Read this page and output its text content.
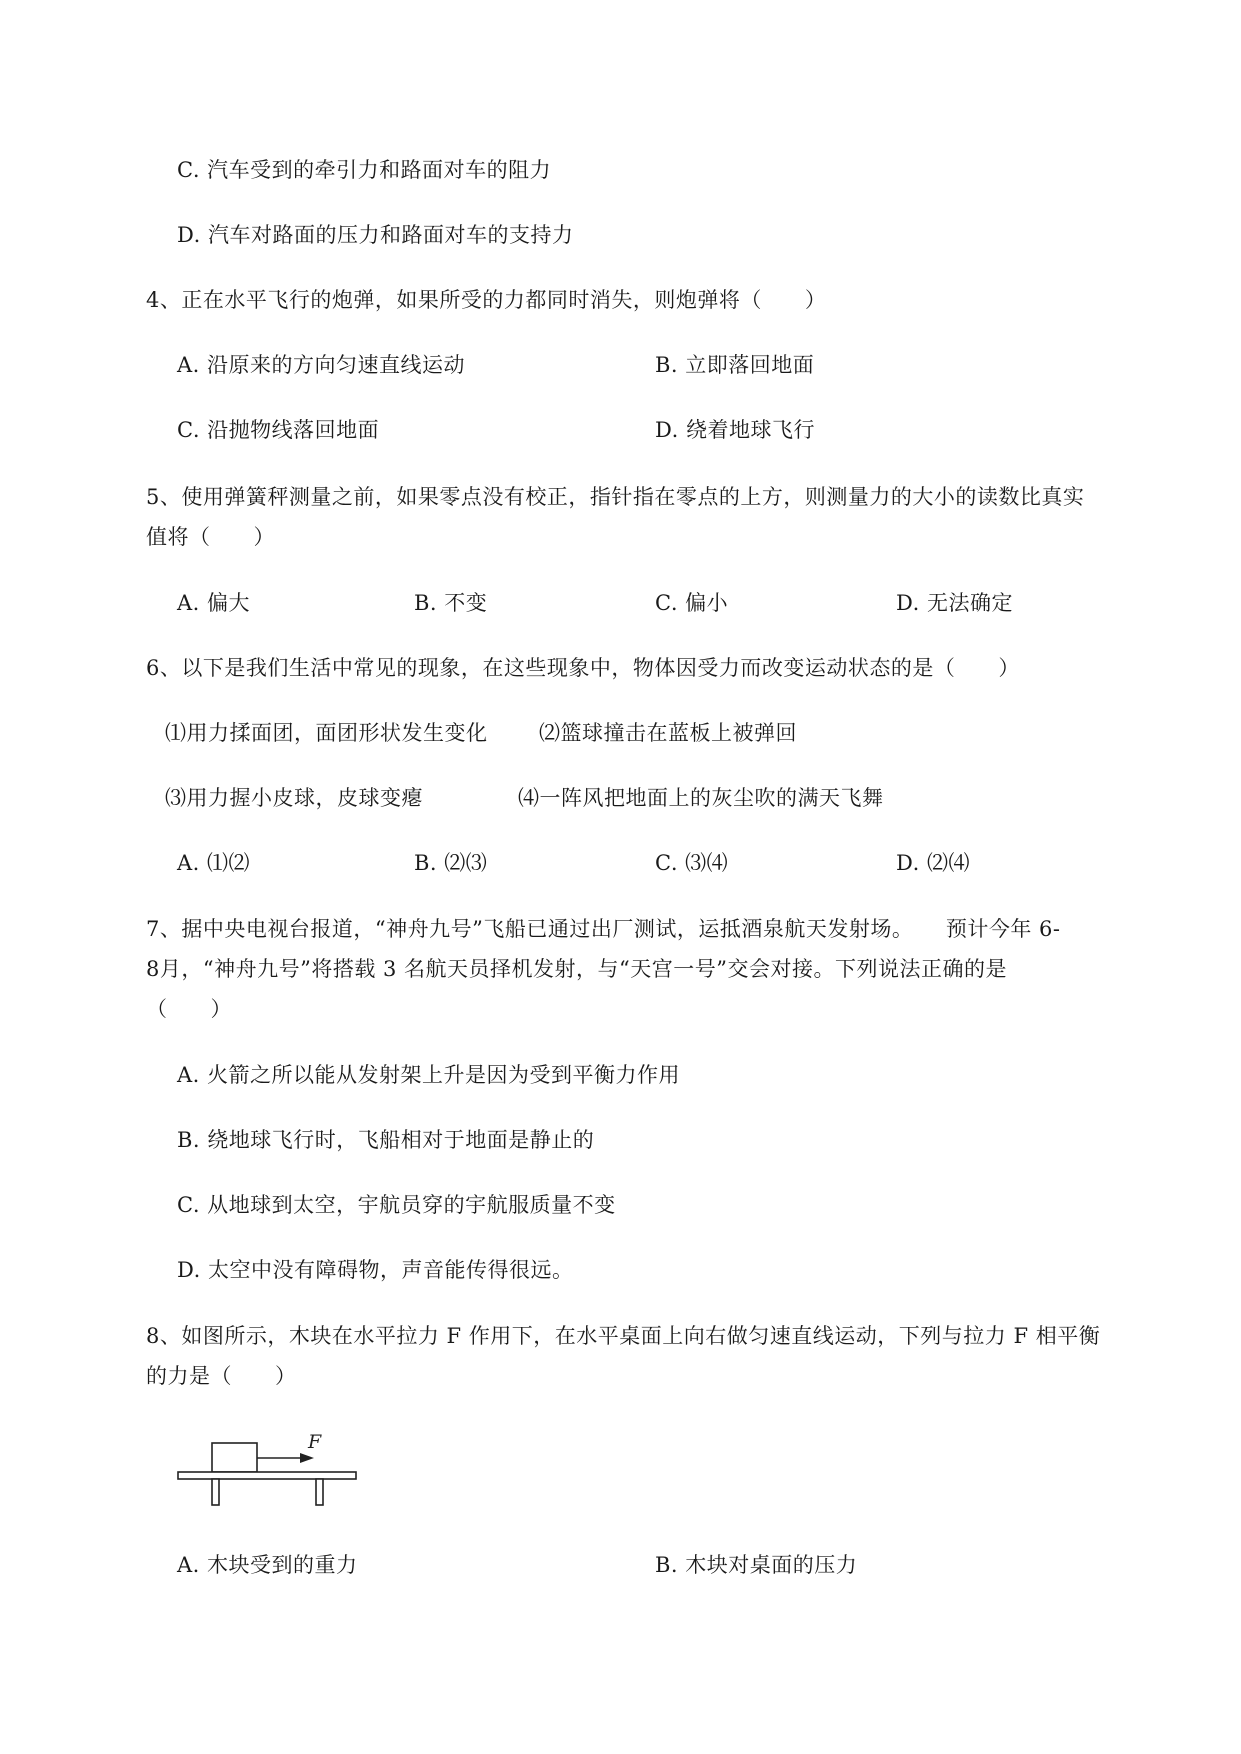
C. 汽车受到的牵引力和路面对车的阻力
D. 汽车对路面的压力和路面对车的支持力
4、正在水平飞行的炮弹，如果所受的力都同时消失，则炮弹将（　　）
A. 沿原来的方向匀速直线运动	B. 立即落回地面
C. 沿抛物线落回地面	D. 绕着地球飞行
5、使用弹簧秤测量之前，如果零点没有校正，指针指在零点的上方，则测量力的大小的读数比真实
值将（　　）
A. 偏大	B. 不变	C. 偏小	D. 无法确定
6、以下是我们生活中常见的现象，在这些现象中，物体因受力而改变运动状态的是（　　）
⑴用力揉面团，面团形状发生变化 ⑵篮球撞击在蓝板上被弹回
⑶用力握小皮球，皮球变瘪	⑷一阵风把地面上的灰尘吹的满天飞舞
A. ⑴⑵	B. ⑵⑶	C. ⑶⑷	D. ⑵⑷
7、据中央电视台报道，“神舟九号”飞船已通过出厂测试，运抵酒泉航天发射场。　　预计今年 6-
8月，“神舟九号”将搭载 3 名航天员择机发射，与“天宫一号”交会对接。下列说法正确的是
（　　）
A. 火箭之所以能从发射架上升是因为受到平衡力作用
B. 绕地球飞行时，飞船相对于地面是静止的
C. 从地球到太空，宇航员穿的宇航服质量不变
D. 太空中没有障碍物，声音能传得很远。
8、如图所示，木块在水平拉力 F 作用下，在水平桌面上向右做匀速直线运动，下列与拉力 F 相平衡
的力是（　　）
F
A. 木块受到的重力	B. 木块对桌面的压力
